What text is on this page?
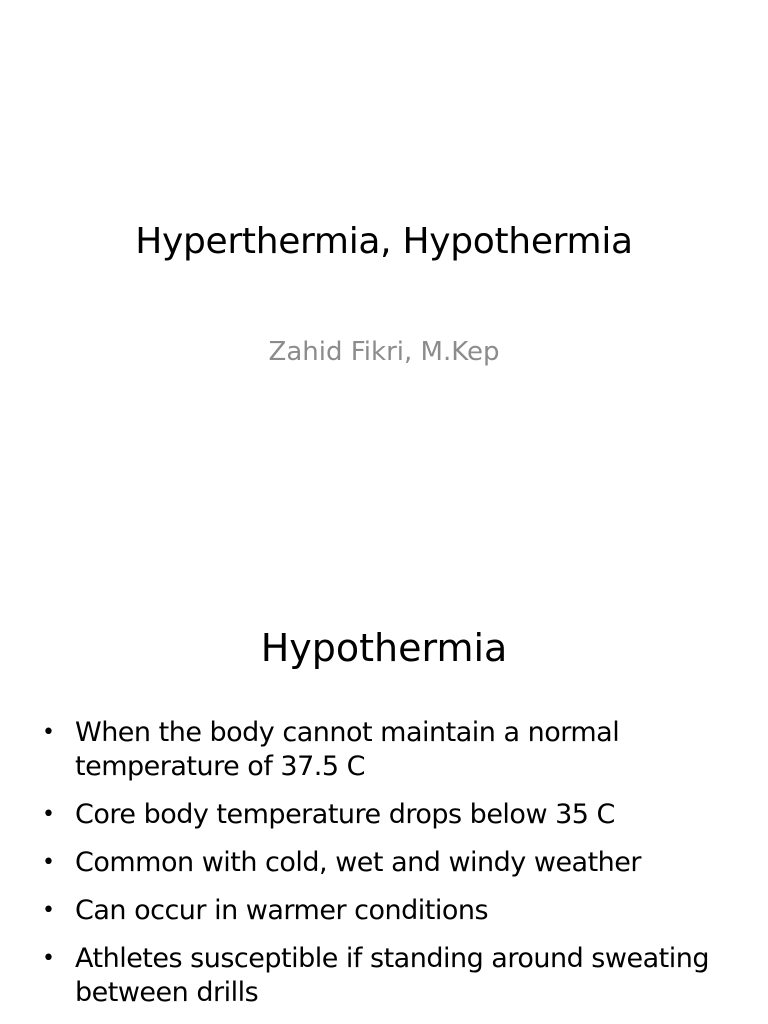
Hyperthermia, Hypothermia

Zahid Fikri, M.Kep

Hypothermia
• When the body cannot maintain a normal temperature of 37.5 C
• Core body temperature drops below 35 C
• Common with cold, wet and windy weather
• Can occur in warmer conditions
• Athletes susceptible if standing around sweating between drills
